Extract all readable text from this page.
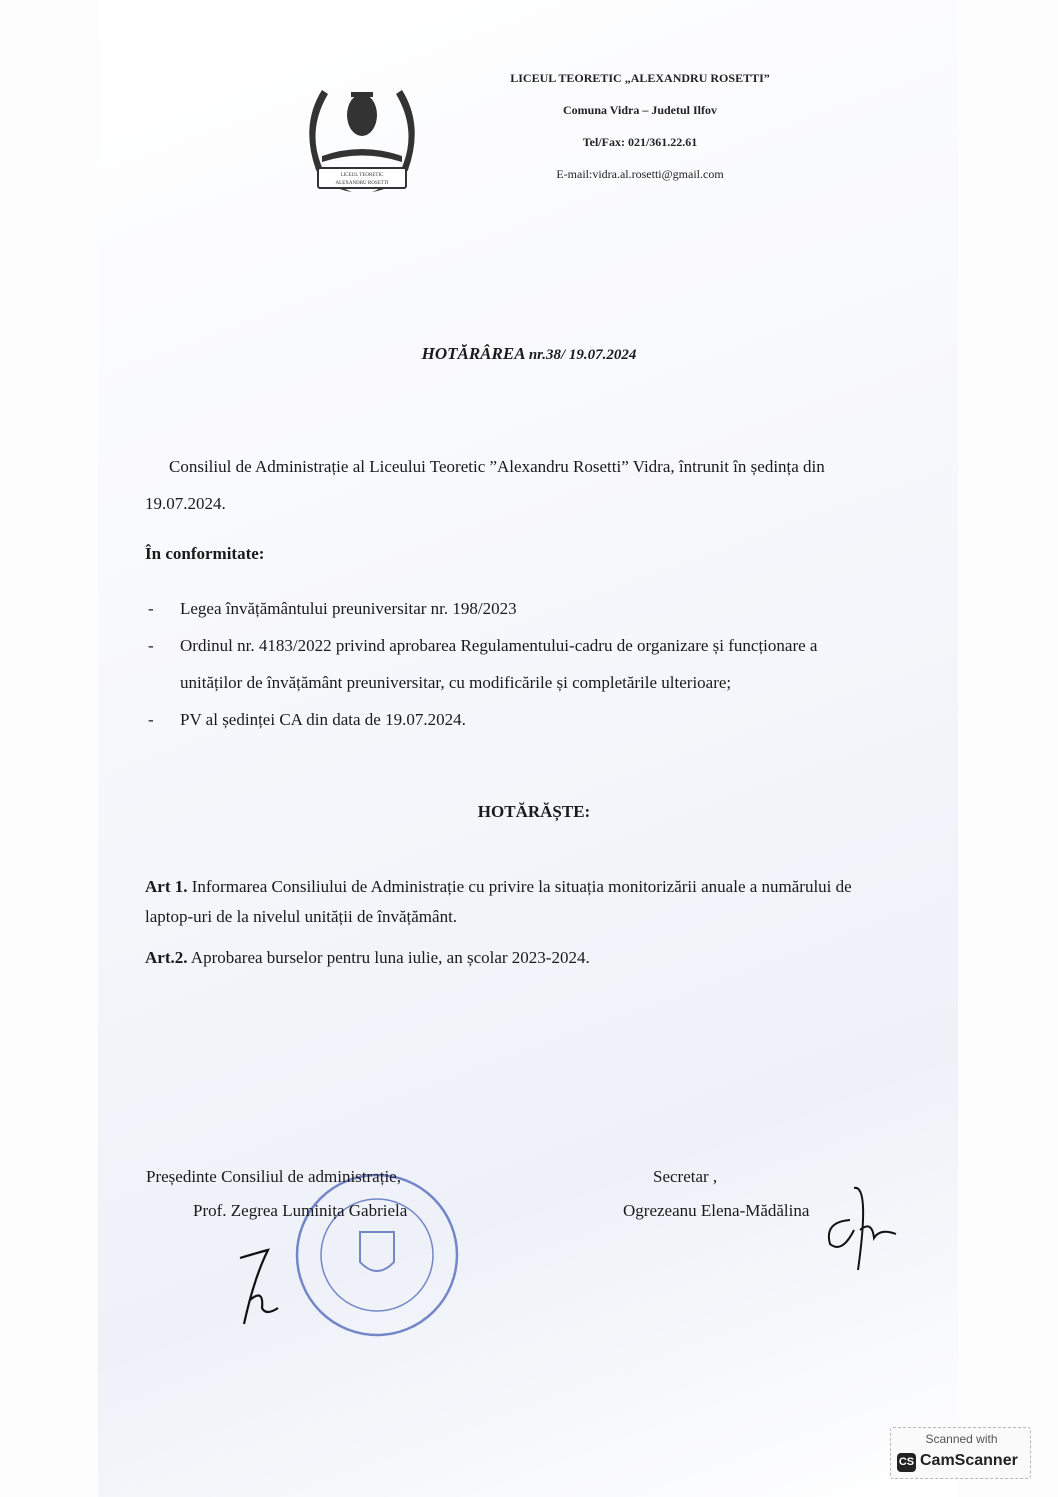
LICEUL TEORETIC
ALEXANDRU ROSETTI
LICEUL TEORETIC „ALEXANDRU ROSETTI”
Comuna Vidra – Judetul Ilfov
Tel/Fax: 021/361.22.61
E-mail:vidra.al.rosetti@gmail.com
HOTĂRÂREA nr.38/ 19.07.2024

Consiliul de Administrație al Liceului Teoretic ”Alexandru Rosetti” Vidra, întrunit în ședința din 19.07.2024.

În conformitate:

- Legea învățământului preuniversitar nr. 198/2023
- Ordinul nr. 4183/2022 privind aprobarea Regulamentului-cadru de organizare și funcționare a unităților de învățământ preuniversitar, cu modificările și completările ulterioare;
- PV al ședinței CA din data de 19.07.2024.
HOTĂRĂȘTE:

Art 1. Informarea Consiliului de Administrație cu privire la situația monitorizării anuale a numărului de laptop-uri de la nivelul unității de învățământ.

Art.2. Aprobarea burselor pentru luna iulie, an școlar 2023-2024.

Președinte Consiliul de administrație,
Prof. Zegrea Luminița Gabriela
Secretar ,
Ogrezeanu Elena-Mădălina
Scanned with
CS CamScanner
